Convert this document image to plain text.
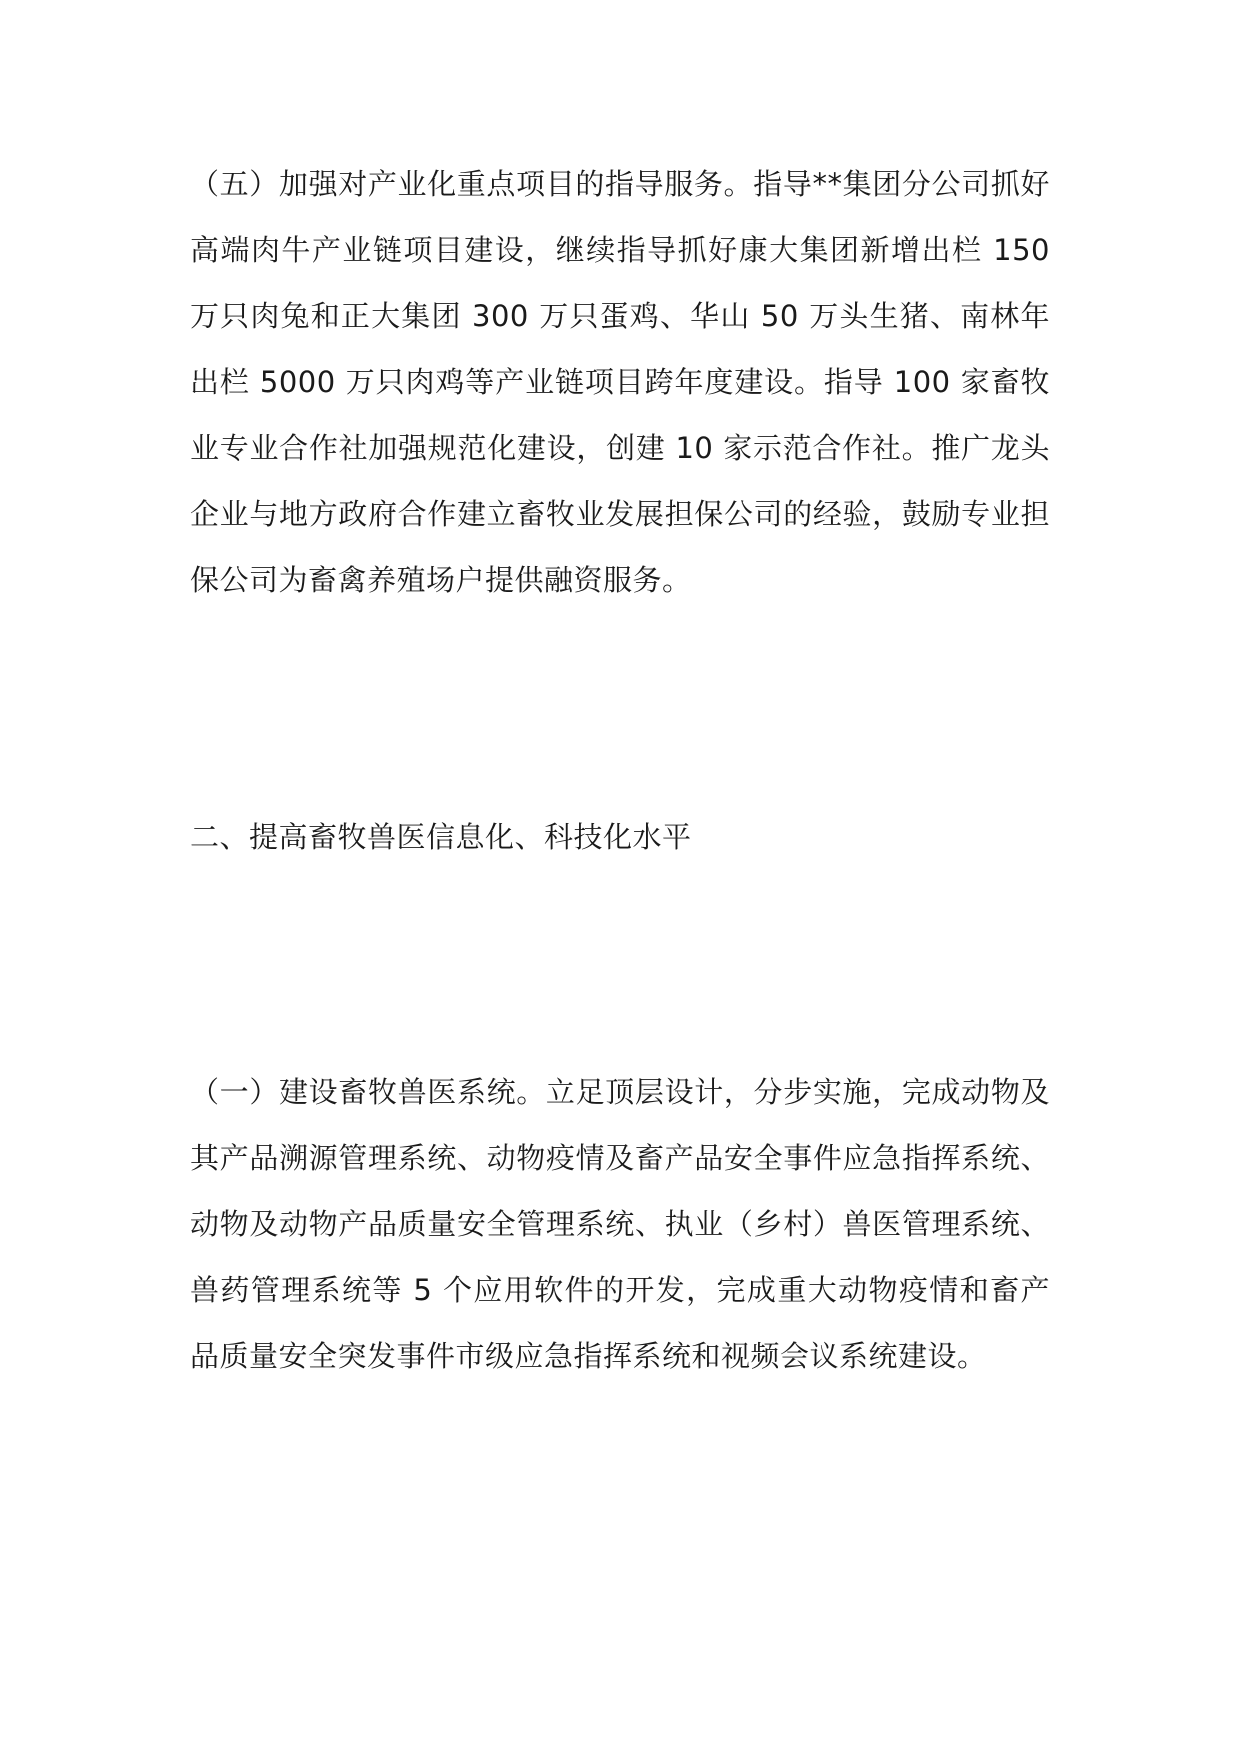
（五）加强对产业化重点项目的指导服务。指导**集团分公司抓好高端肉牛产业链项目建设，继续指导抓好康大集团新增出栏 150 万只肉兔和正大集团 300 万只蛋鸡、华山 50 万头生猪、南林年出栏 5000 万只肉鸡等产业链项目跨年度建设。指导 100 家畜牧业专业合作社加强规范化建设，创建 10 家示范合作社。推广龙头企业与地方政府合作建立畜牧业发展担保公司的经验，鼓励专业担保公司为畜禽养殖场户提供融资服务。

二、提高畜牧兽医信息化、科技化水平

（一）建设畜牧兽医系统。立足顶层设计，分步实施，完成动物及其产品溯源管理系统、动物疫情及畜产品安全事件应急指挥系统、动物及动物产品质量安全管理系统、执业（乡村）兽医管理系统、兽药管理系统等 5 个应用软件的开发，完成重大动物疫情和畜产品质量安全突发事件市级应急指挥系统和视频会议系统建设。
